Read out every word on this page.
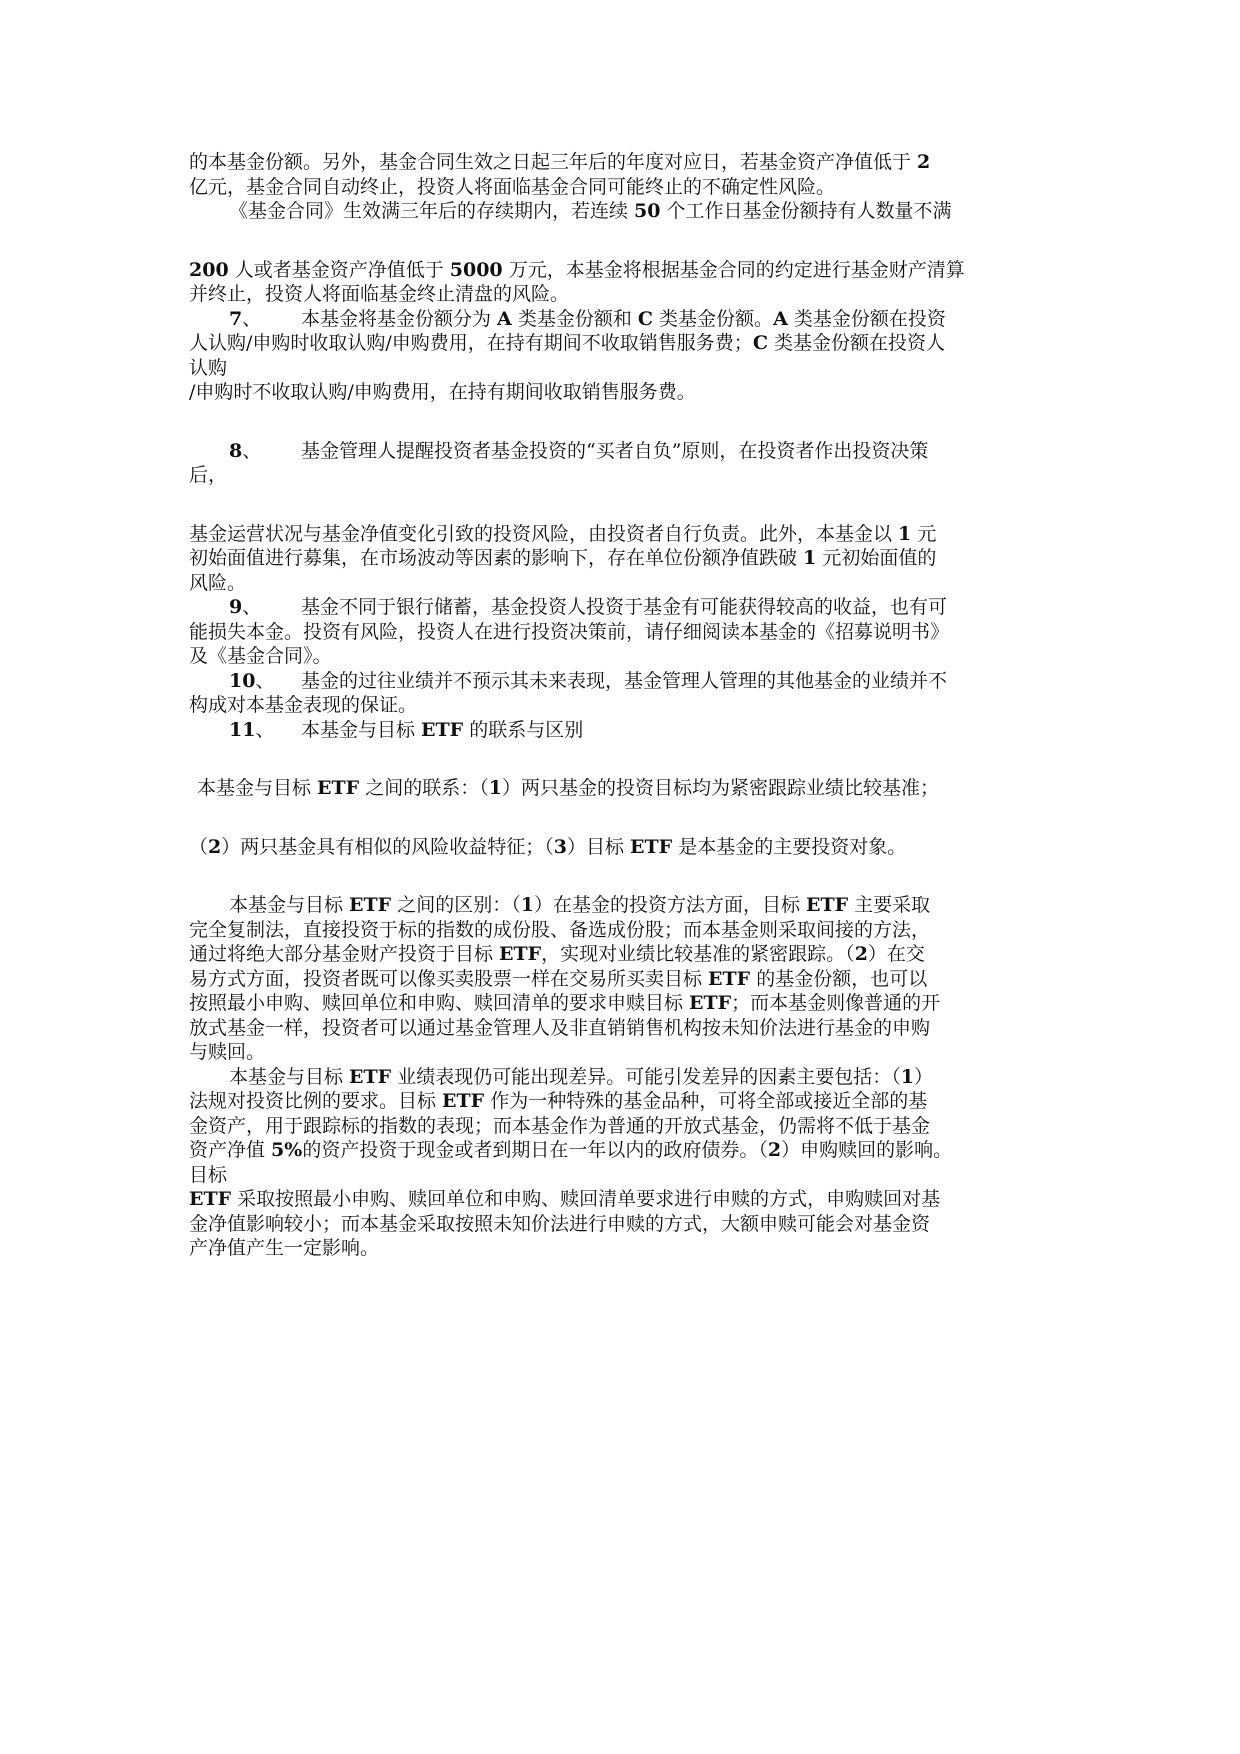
的本基金份额。另外，基金合同生效之日起三年后的年度对应日，若基金资产净值低于 2
亿元，基金合同自动终止，投资人将面临基金合同可能终止的不确定性风险。
《基金合同》生效满三年后的存续期内，若连续 50 个工作日基金份额持有人数量不满
200 人或者基金资产净值低于 5000 万元，本基金将根据基金合同的约定进行基金财产清算
并终止，投资人将面临基金终止清盘的风险。
7、 本基金将基金份额分为 A 类基金份额和 C 类基金份额。A 类基金份额在投资
人认购/申购时收取认购/申购费用，在持有期间不收取销售服务费；C 类基金份额在投资人
认购
/申购时不收取认购/申购费用，在持有期间收取销售服务费。
8、 基金管理人提醒投资者基金投资的“买者自负”原则，在投资者作出投资决策
后，
基金运营状况与基金净值变化引致的投资风险，由投资者自行负责。此外，本基金以 1 元
初始面值进行募集，在市场波动等因素的影响下，存在单位份额净值跌破 1 元初始面值的
风险。
9、 基金不同于银行储蓄，基金投资人投资于基金有可能获得较高的收益，也有可
能损失本金。投资有风险，投资人在进行投资决策前，请仔细阅读本基金的《招募说明书》
及《基金合同》。
10、 基金的过往业绩并不预示其未来表现，基金管理人管理的其他基金的业绩并不
构成对本基金表现的保证。
11、 本基金与目标 ETF 的联系与区别
本基金与目标 ETF 之间的联系：（1）两只基金的投资目标均为紧密跟踪业绩比较基准；
（2）两只基金具有相似的风险收益特征；（3）目标 ETF 是本基金的主要投资对象。
本基金与目标 ETF 之间的区别：（1）在基金的投资方法方面，目标 ETF 主要采取
完全复制法，直接投资于标的指数的成份股、备选成份股；而本基金则采取间接的方法，
通过将绝大部分基金财产投资于目标 ETF，实现对业绩比较基准的紧密跟踪。（2）在交
易方式方面，投资者既可以像买卖股票一样在交易所买卖目标 ETF 的基金份额，也可以
按照最小申购、赎回单位和申购、赎回清单的要求申赎目标 ETF；而本基金则像普通的开
放式基金一样，投资者可以通过基金管理人及非直销销售机构按未知价法进行基金的申购
与赎回。
本基金与目标 ETF 业绩表现仍可能出现差异。可能引发差异的因素主要包括：（1）
法规对投资比例的要求。目标 ETF 作为一种特殊的基金品种，可将全部或接近全部的基
金资产，用于跟踪标的指数的表现；而本基金作为普通的开放式基金，仍需将不低于基金
资产净值 5%的资产投资于现金或者到期日在一年以内的政府债券。（2）申购赎回的影响。
目标
ETF 采取按照最小申购、赎回单位和申购、赎回清单要求进行申赎的方式，申购赎回对基
金净值影响较小；而本基金采取按照未知价法进行申赎的方式，大额申赎可能会对基金资
产净值产生一定影响。
